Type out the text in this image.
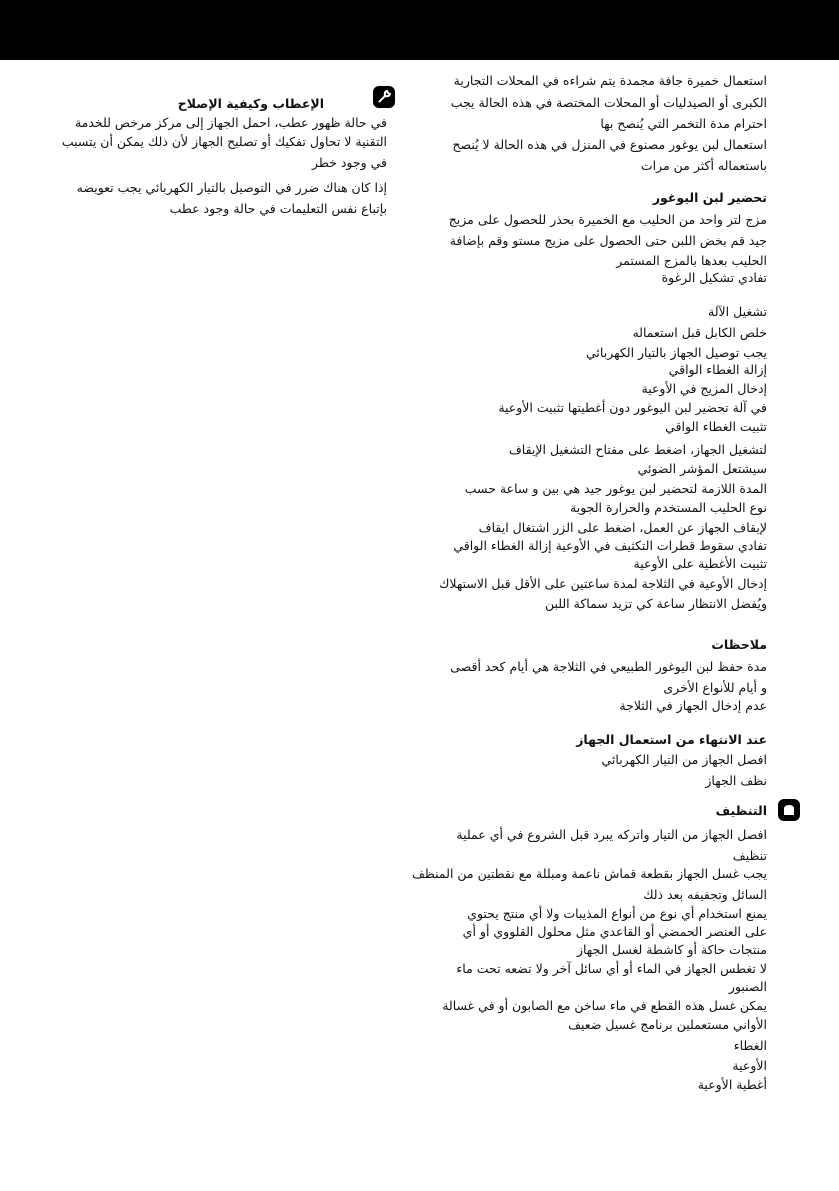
استعمال خميرة جافة مجمدة يتم شراءه في المحلات التجارية
الكبرى أو الصيدليات أو المحلات المختصة في هذه الحالة يجب
احترام مدة التخمر التي يُنصح بها
استعمال لبن يوغور مصنوع في المنزل في هذه الحالة لا يُنصح
باستعماله أكثر من مرات
تحضير لبن اليوغور
مزج لتر واحد من الحليب مع الخميرة بحذر للحصول على مزيج
جيد قم بخض اللبن حتى الحصول على مزيج مستو وقم بإضافة
الحليب بعدها بالمزج المستمر
تفادي تشكيل الرغوة
تشغيل الآلة
خلص الكابل قبل استعماله
يجب توصيل الجهاز بالتيار الكهربائي
إزالة الغطاء الواقي
إدخال المزيج في الأوعية
في آلة تحضير لبن اليوغور دون أغطيتها تثبيت الأوعية
تثبيت الغطاء الواقي
لتشغيل الجهاز، اضغط على مفتاح التشغيل الإيقاف
سيشتعل المؤشر الضوئي
المدة اللازمة لتحضير لبن يوغور جيد هي بين و ساعة حسب
نوع الحليب المستخدم والحرارة الجوية
لإيقاف الجهاز عن العمل، اضغط على الزر اشتغال ايقاف
تفادي سقوط قطرات التكثيف في الأوعية إزالة الغطاء الواقي
تثبيت الأغطية على الأوعية
إدخال الأوعية في الثلاجة لمدة ساعتين على الأقل قبل الاستهلاك
ويُفضل الانتظار ساعة كي تزيد سماكة اللبن
ملاحظات
مدة حفظ لبن اليوغور الطبيعي في الثلاجة هي أيام كحد أقصى
و أيام للأنواع الأخرى
عدم إدخال الجهاز في الثلاجة
عند الانتهاء من استعمال الجهاز
افصل الجهاز من التيار الكهربائي
نظف الجهاز
التنظيف
افصل الجهاز من التيار واتركه يبرد قبل الشروع في أي عملية
تنظيف
يجب غسل الجهاز بقطعة قماش ناعمة ومبللة مع نقطتين من المنظف
السائل وتجفيفه بعد ذلك
يمنع استخدام أي نوع من أنواع المذيبات ولا أي منتج يحتوي
على العنصر الحمضي أو القاعدي مثل محلول القلووي أو أي
منتجات حاكة أو كاشطة لغسل الجهاز
لا تغطس الجهاز في الماء أو أي سائل آخر ولا تضعه تحت ماء
الصنبور
يمكن غسل هذه القطع في ماء ساخن مع الصابون أو في غسالة
الأواني مستعملين برنامج غسيل ضعيف
الغطاء
الأوعية
أغطية الأوعية
الإعطاب وكيفية الإصلاح
في حالة ظهور عطب، احمل الجهاز إلى مركز مرخص للخدمة
التقنية لا تحاول تفكيك أو تصليح الجهاز لأن ذلك يمكن أن يتسبب
في وجود خطر
إذا كان هناك ضرر في التوصيل بالتيار الكهربائي يجب تعويضه
بإتباع نفس التعليمات في حالة وجود عطب
